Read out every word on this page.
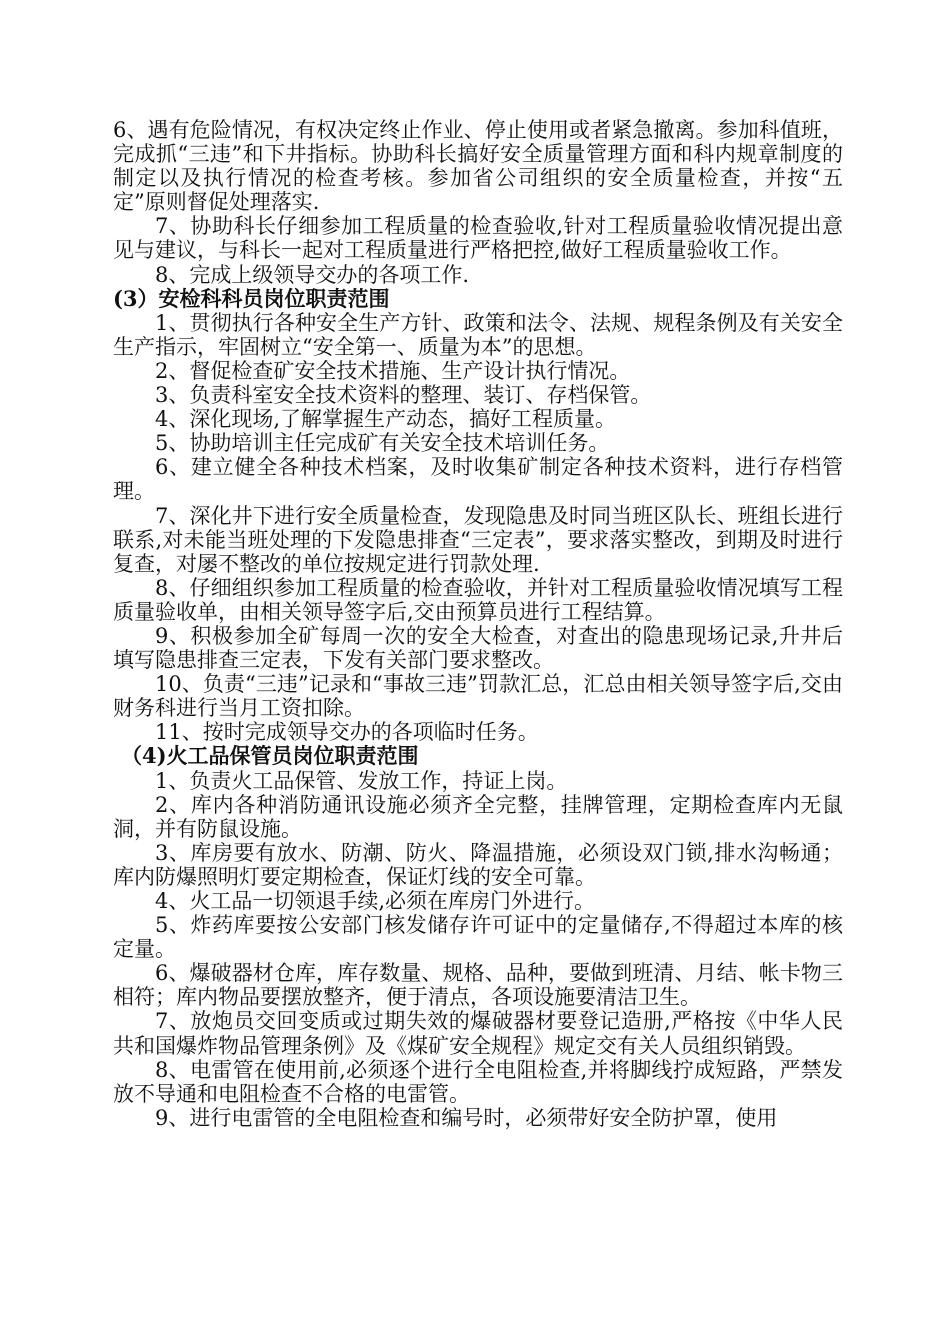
6、遇有危险情况，有权决定终止作业、停止使用或者紧急撤离。参加科值班，完成抓“三违”和下井指标。协助科长搞好安全质量管理方面和科内规章制度的制定以及执行情况的检查考核。参加省公司组织的安全质量检查，并按“五定”原则督促处理落实.

7、协助科长仔细参加工程质量的检查验收,针对工程质量验收情况提出意见与建议，与科长一起对工程质量进行严格把控,做好工程质量验收工作。

8、完成上级领导交办的各项工作.

(3）安检科科员岗位职责范围

1、贯彻执行各种安全生产方针、政策和法令、法规、规程条例及有关安全生产指示，牢固树立“安全第一、质量为本”的思想。

2、督促检查矿安全技术措施、生产设计执行情况。

3、负责科室安全技术资料的整理、装订、存档保管。

4、深化现场,了解掌握生产动态，搞好工程质量。

5、协助培训主任完成矿有关安全技术培训任务。

6、建立健全各种技术档案，及时收集矿制定各种技术资料，进行存档管理。

7、深化井下进行安全质量检查，发现隐患及时同当班区队长、班组长进行联系,对未能当班处理的下发隐患排查“三定表”，要求落实整改，到期及时进行复查，对屡不整改的单位按规定进行罚款处理.

8、仔细组织参加工程质量的检查验收，并针对工程质量验收情况填写工程质量验收单，由相关领导签字后,交由预算员进行工程结算。

9、积极参加全矿每周一次的安全大检查，对查出的隐患现场记录,升井后填写隐患排查三定表，下发有关部门要求整改。

10、负责“三违”记录和“事故三违”罚款汇总，汇总由相关领导签字后,交由财务科进行当月工资扣除。

11、按时完成领导交办的各项临时任务。

（4)火工品保管员岗位职责范围

1、负责火工品保管、发放工作，持证上岗。

2、库内各种消防通讯设施必须齐全完整，挂牌管理，定期检查库内无鼠洞，并有防鼠设施。

3、库房要有放水、防潮、防火、降温措施，必须设双门锁,排水沟畅通；库内防爆照明灯要定期检查，保证灯线的安全可靠。

4、火工品一切领退手续,必须在库房门外进行。

5、炸药库要按公安部门核发储存许可证中的定量储存,不得超过本库的核定量。

6、爆破器材仓库，库存数量、规格、品种，要做到班清、月结、帐卡物三相符；库内物品要摆放整齐，便于清点，各项设施要清洁卫生。

7、放炮员交回变质或过期失效的爆破器材要登记造册,严格按《中华人民共和国爆炸物品管理条例》及《煤矿安全规程》规定交有关人员组织销毁。

8、电雷管在使用前,必须逐个进行全电阻检查,并将脚线拧成短路，严禁发放不导通和电阻检查不合格的电雷管。

9、进行电雷管的全电阻检查和编号时，必须带好安全防护罩，使用
